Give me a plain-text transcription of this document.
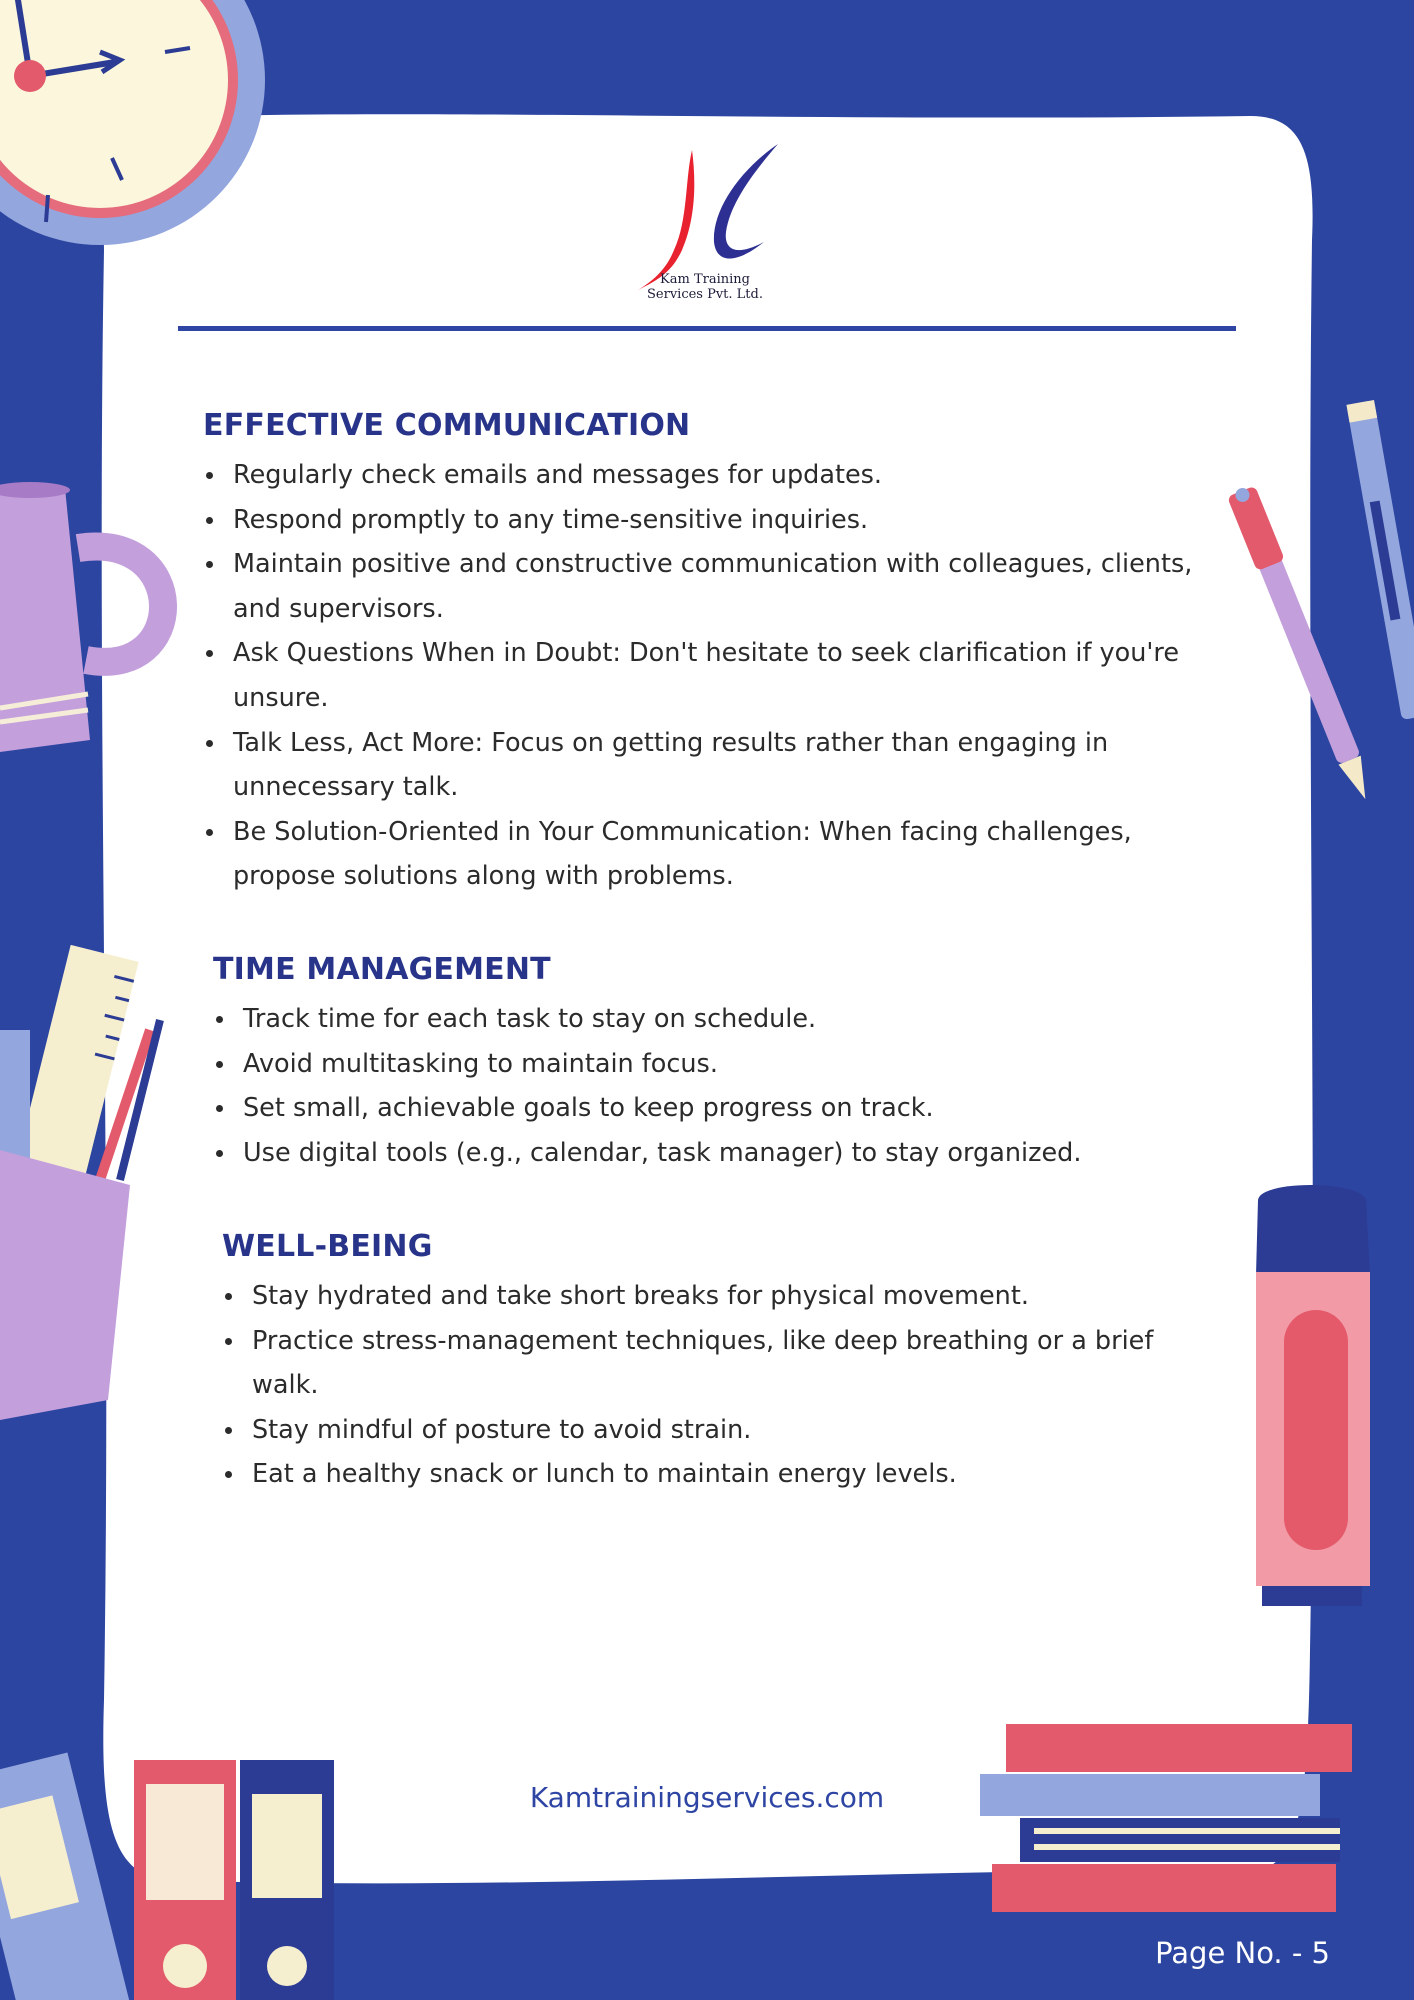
Kam Training
Services Pvt. Ltd.
EFFECTIVE COMMUNICATION
Regularly check emails and messages for updates.
Respond promptly to any time-sensitive inquiries.
Maintain positive and constructive communication with colleagues, clients, and supervisors.
Ask Questions When in Doubt: Don't hesitate to seek clarification if you're unsure.
Talk Less, Act More: Focus on getting results rather than engaging in unnecessary talk.
Be Solution-Oriented in Your Communication: When facing challenges, propose solutions along with problems.
TIME MANAGEMENT
Track time for each task to stay on schedule.
Avoid multitasking to maintain focus.
Set small, achievable goals to keep progress on track.
Use digital tools (e.g., calendar, task manager) to stay organized.
WELL-BEING
Stay hydrated and take short breaks for physical movement.
Practice stress-management techniques, like deep breathing or a brief walk.
Stay mindful of posture to avoid strain.
Eat a healthy snack or lunch to maintain energy levels.
Kamtrainingservices.com
Page No. - 5
